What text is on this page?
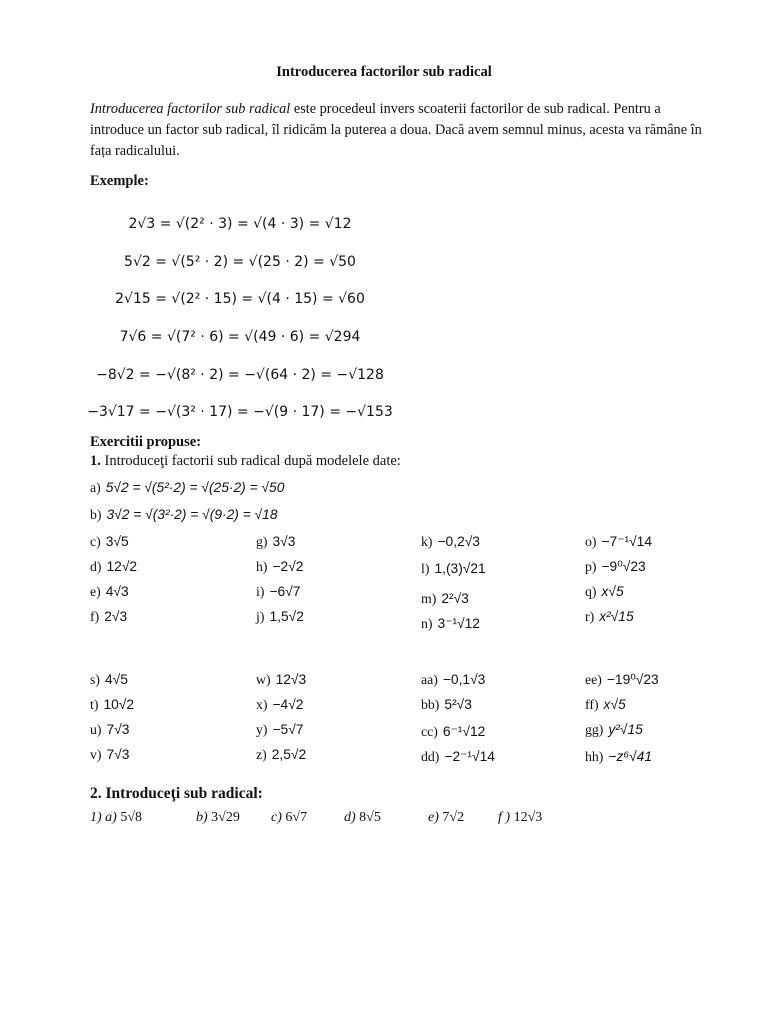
Introducerea factorilor sub radical
Introducerea factorilor sub radical este procedeul invers scoaterii factorilor de sub radical. Pentru a introduce un factor sub radical, îl ridicăm la puterea a doua. Dacă avem semnul minus, acesta va rămâne în fața radicalului.
Exemple:
2√3 = √(2² · 3) = √(4 · 3) = √12
5√2 = √(5² · 2) = √(25 · 2) = √50
2√15 = √(2² · 15) = √(4 · 15) = √60
7√6 = √(7² · 6) = √(49 · 6) = √294
−8√2 = −√(8² · 2) = −√(64 · 2) = −√128
−3√17 = −√(3² · 17) = −√(9 · 17) = −√153
Exercitii propuse:
1. Introduceţi factorii sub radical după modelele date:
a) 5√2 = √(5²·2) = √(25·2) = √50
b) 3√2 = √(3²·2) = √(9·2) = √18
c) 3√5
d) 12√2
e) 4√3
f) 2√3
g) 3√3
h) −2√2
i) −6√7
j) 1,5√2
k) −0,2√3
l) 1,(3)√21
m) 2²√3
n) 3⁻¹√12
o) −7⁻¹√14
p) −9⁰√23
q) x√5
r) x²√15
s) 4√5
t) 10√2
u) 7√3
v) 7√3
w) 12√3
x) −4√2
y) −5√7
z) 2,5√2
aa) −0,1√3
bb) 5²√3
cc) 6⁻¹√12
dd) −2⁻¹√14
ee) −19⁰√23
ff) x√5
gg) y²√15
hh) −z⁶√41
2. Introduceţi sub radical:
1) a) 5√8	b) 3√29 c) 6√7	d) 8√5	e) 7√2 f ) 12√3
